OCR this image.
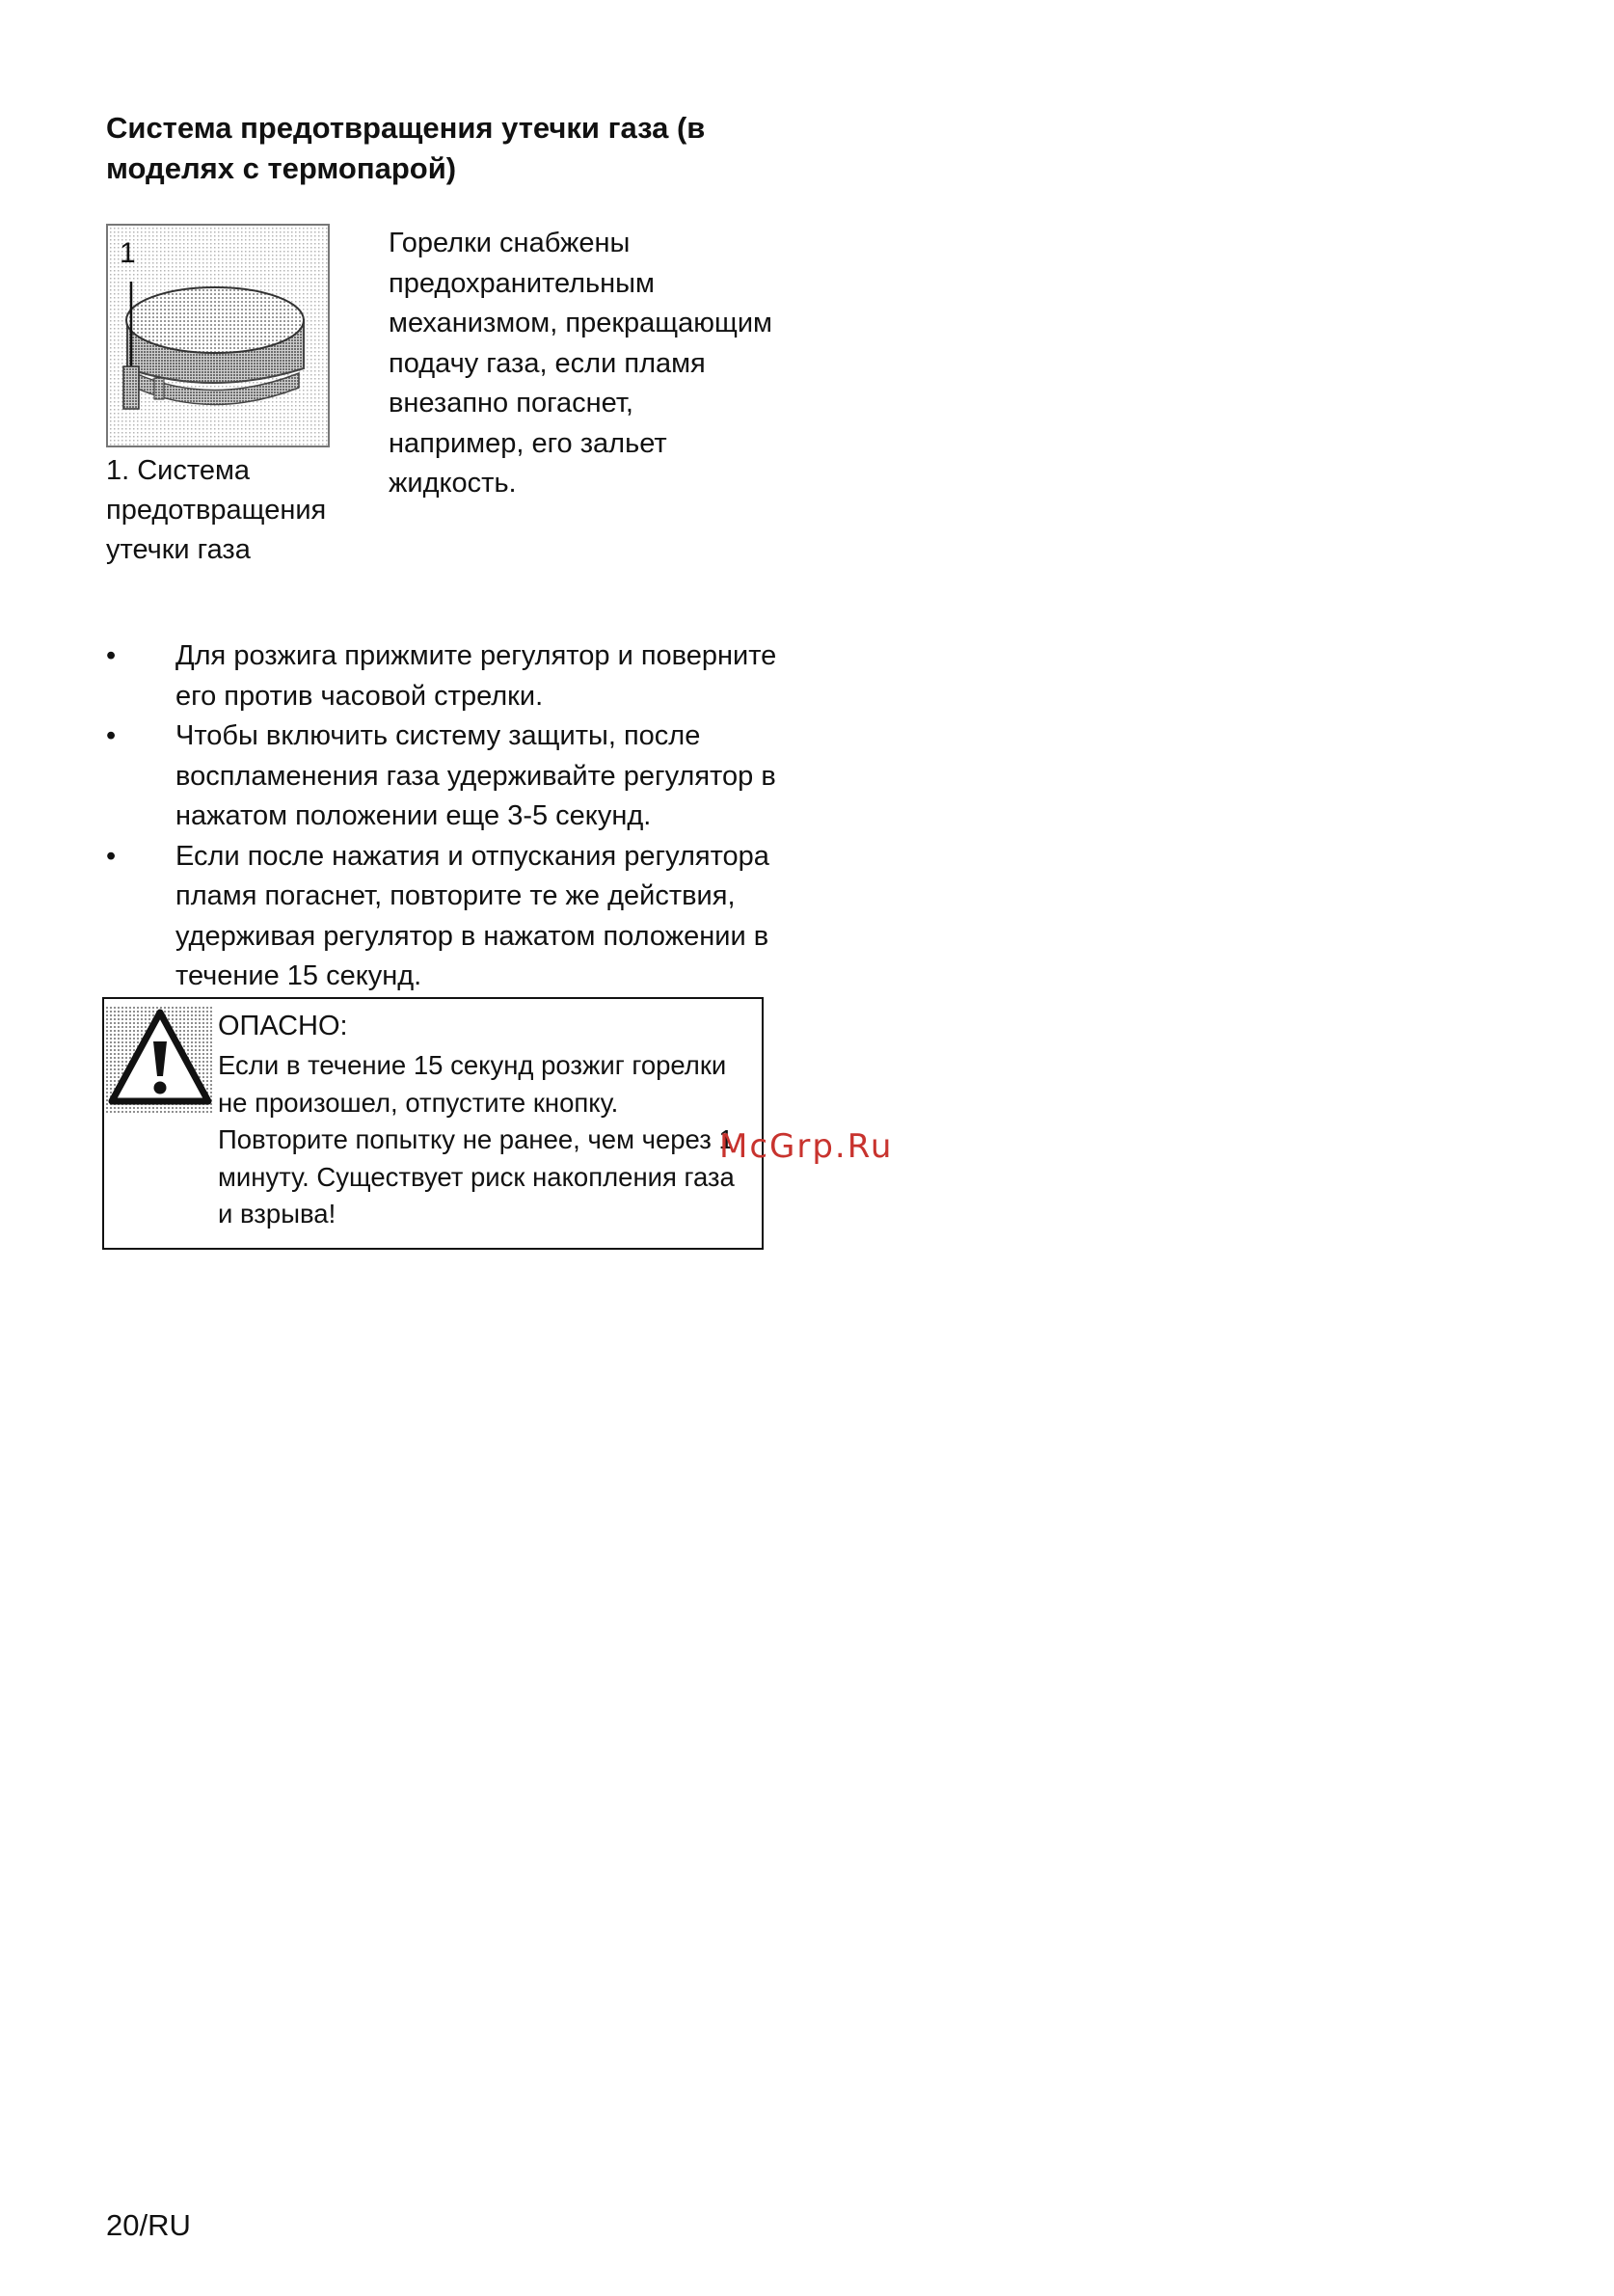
Система предотвращения утечки газа (в моделях с термопарой)
1
1. Система предотвращения утечки газа

Горелки снабжены предохранительным механизмом, прекращающим подачу газа, если пламя внезапно погаснет, например, его зальет жидкость.

•	Для розжига прижмите регулятор и поверните его против часовой стрелки.
•	Чтобы включить систему защиты, после воспламенения газа удерживайте регулятор в нажатом положении еще 3-5 секунд.
•	Если после нажатия и отпускания регулятора пламя погаснет, повторите те же действия, удерживая регулятор в нажатом положении в течение 15 секунд.
ОПАСНО:
Если в течение 15 секунд розжиг горелки не произошел, отпустите кнопку. Повторите попытку не ранее, чем через 1 минуту. Существует риск накопления газа и взрыва!
McGrp.Ru
20/RU
